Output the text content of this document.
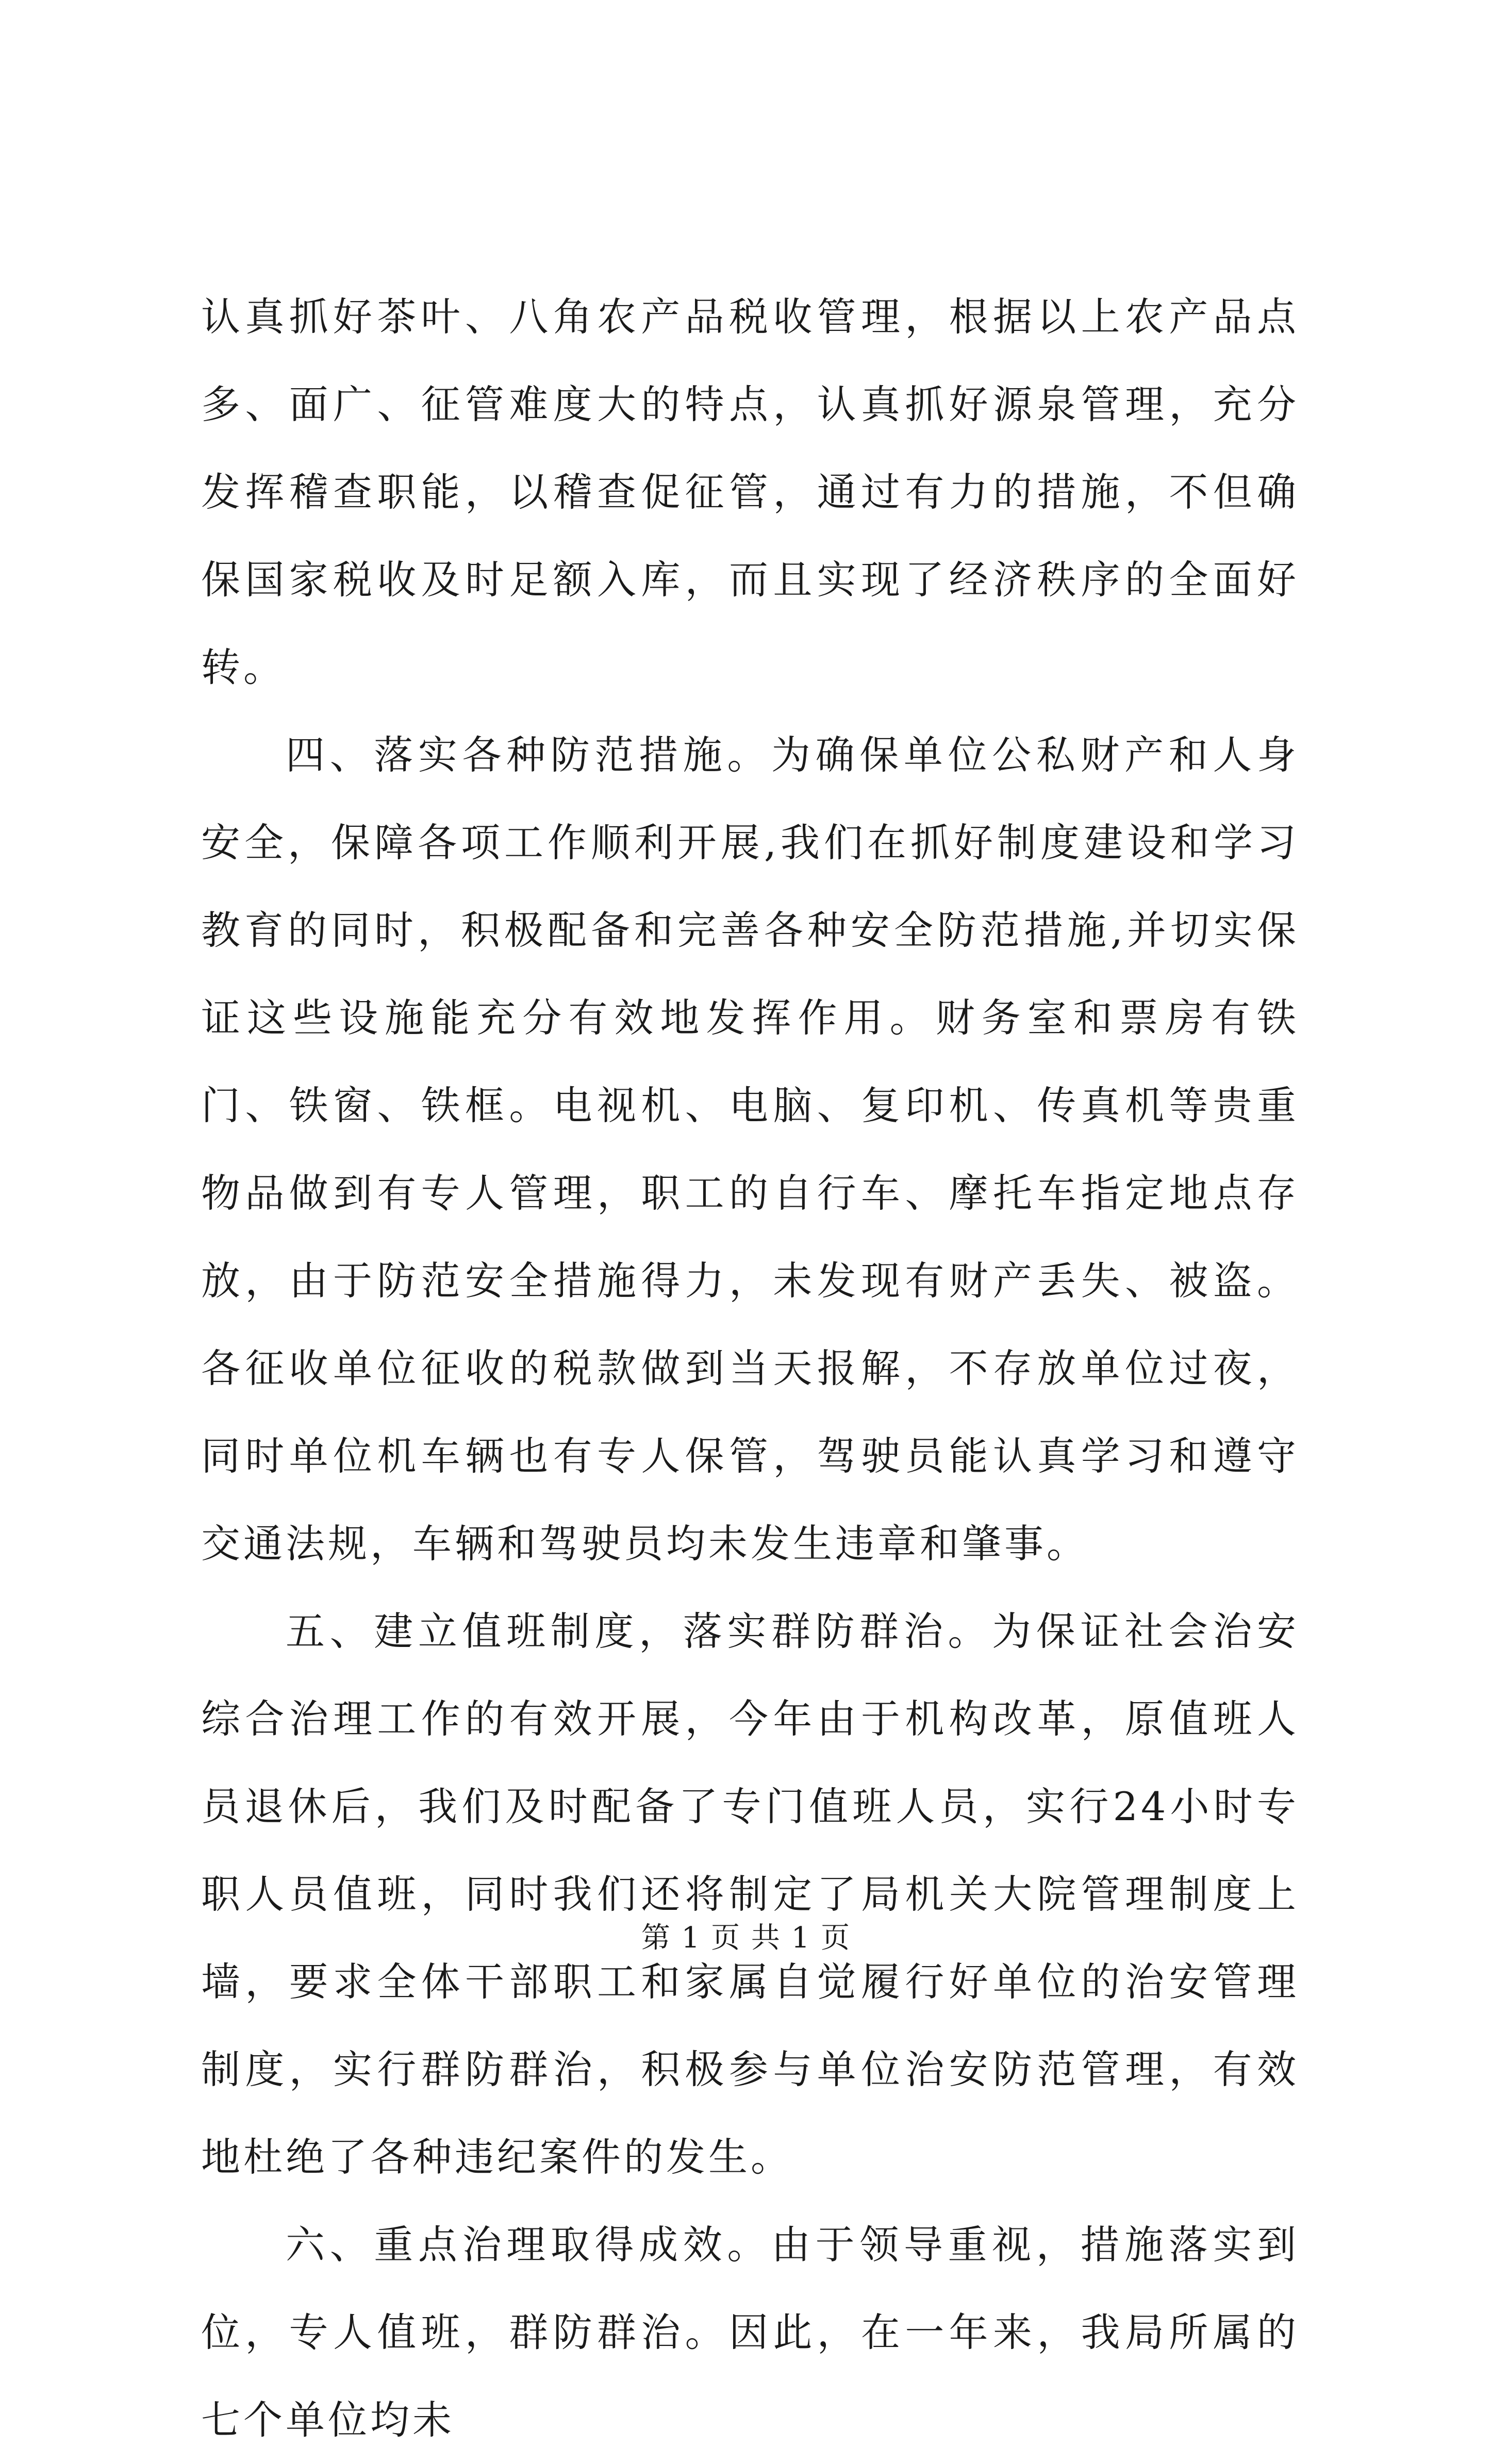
认真抓好茶叶、八角农产品税收管理，根据以上农产品点多、面广、征管难度大的特点，认真抓好源泉管理，充分发挥稽查职能，以稽查促征管，通过有力的措施，不但确保国家税收及时足额入库，而且实现了经济秩序的全面好转。

四、落实各种防范措施。为确保单位公私财产和人身安全，保障各项工作顺利开展,我们在抓好制度建设和学习教育的同时，积极配备和完善各种安全防范措施,并切实保证这些设施能充分有效地发挥作用。财务室和票房有铁门、铁窗、铁框。电视机、电脑、复印机、传真机等贵重物品做到有专人管理，职工的自行车、摩托车指定地点存放，由于防范安全措施得力，未发现有财产丢失、被盗。各征收单位征收的税款做到当天报解，不存放单位过夜，同时单位机车辆也有专人保管，驾驶员能认真学习和遵守交通法规，车辆和驾驶员均未发生违章和肇事。

五、建立值班制度，落实群防群治。为保证社会治安综合治理工作的有效开展，今年由于机构改革，原值班人员退休后，我们及时配备了专门值班人员，实行24小时专职人员值班，同时我们还将制定了局机关大院管理制度上墙，要求全体干部职工和家属自觉履行好单位的治安管理制度，实行群防群治，积极参与单位治安防范管理，有效地杜绝了各种违纪案件的发生。

六、重点治理取得成效。由于领导重视，措施落实到位，专人值班，群防群治。因此，在一年来，我局所属的七个单位均未

第 1 页 共 1 页
